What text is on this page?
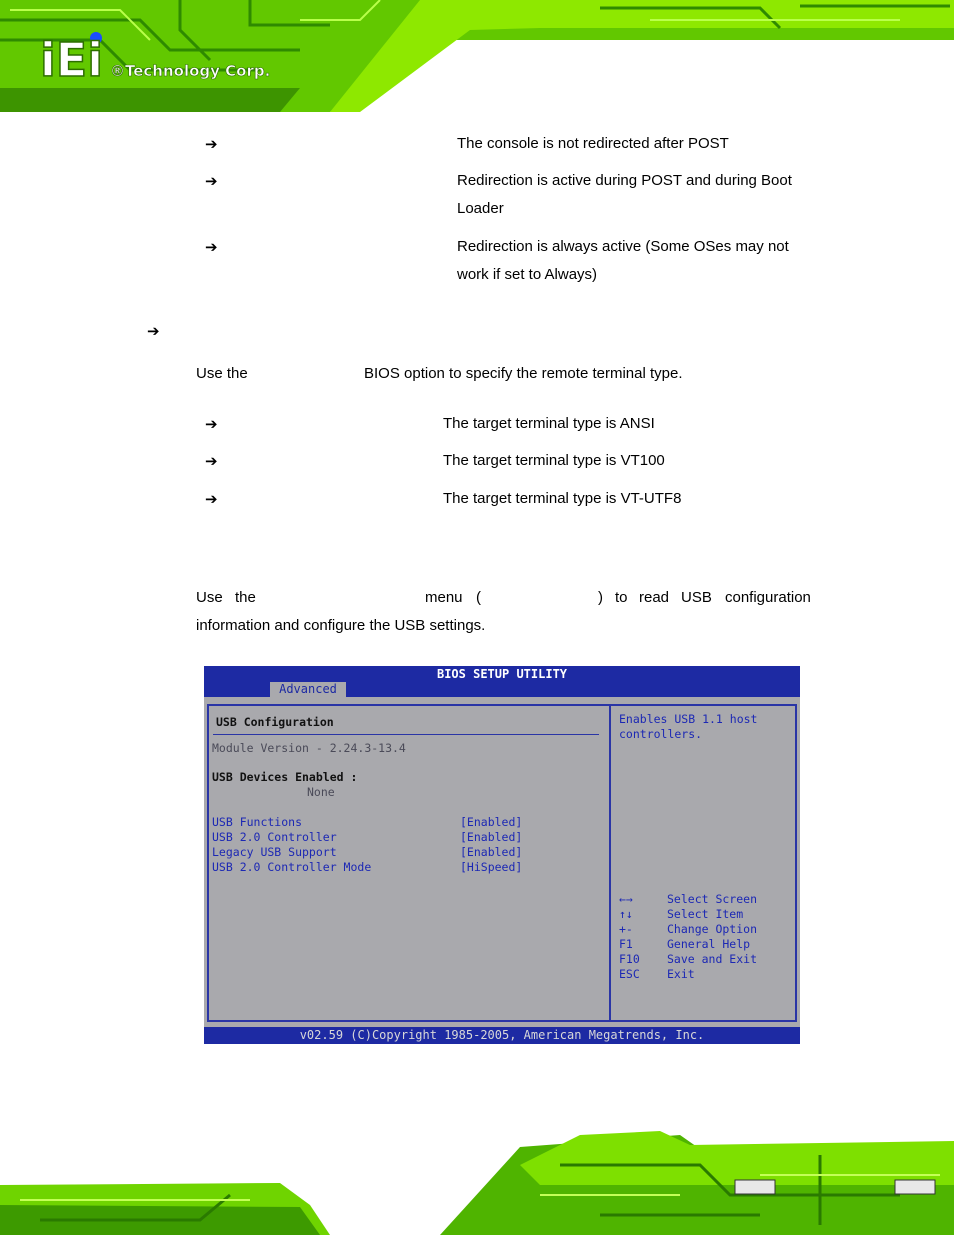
iEi ®Technology Corp.
➔	The console is not redirected after POST
➔	Redirection is active during POST and during Boot
Loader
➔	Redirection is always active (Some OSes may not
work if set to Always)
➔
Use the	BIOS option to specify the remote terminal type.
➔	The target terminal type is ANSI
➔	The target terminal type is VT100
➔	The target terminal type is VT-UTF8
Use the	menu (	) to read USB configuration
information and configure the USB settings.
BIOS SETUP UTILITY
Advanced
USB Configuration
Module Version - 2.24.3-13.4
USB Devices Enabled :
None
USB Functions	[Enabled]
USB 2.0 Controller	[Enabled]
Legacy USB Support	[Enabled]
USB 2.0 Controller Mode	[HiSpeed]
Enables USB 1.1 host
controllers.
←→	Select Screen
↑↓	Select Item
+-	Change Option
F1	General Help
F10 Save and Exit
ESC Exit
v02.59 (C)Copyright 1985-2005, American Megatrends, Inc.
